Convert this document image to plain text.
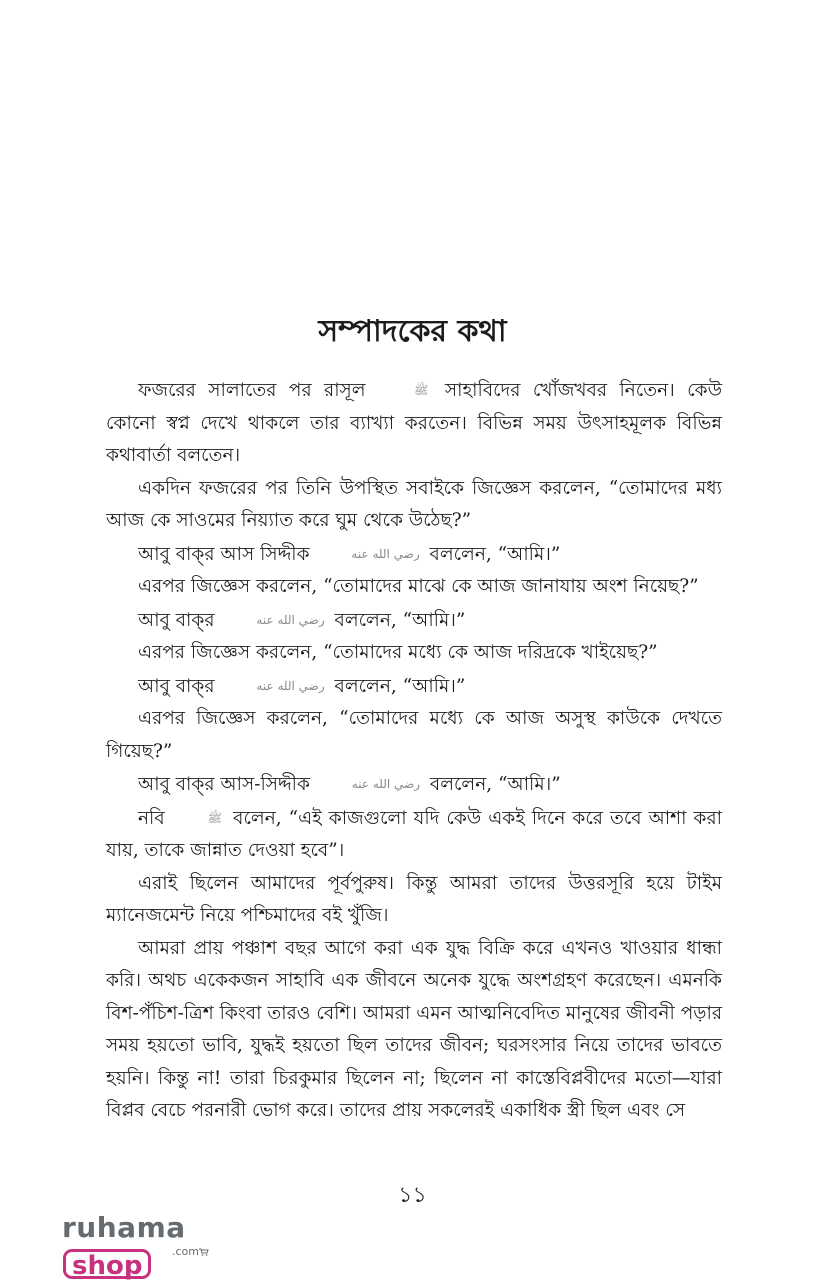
সম্পাদকের কথা

ফজরের সালাতের পর রাসূল	ﷺ সাহাবিদের খোঁজখবর নিতেন। কেউ কোনো স্বপ্ন দেখে থাকলে তার ব্যাখ্যা করতেন। বিভিন্ন সময় উৎসাহমূলক বিভিন্ন কথাবার্তা বলতেন।

একদিন ফজরের পর তিনি উপস্থিত সবাইকে জিজ্ঞেস করলেন, “তোমাদের মধ্য আজ কে সাওমের নিয়্যাত করে ঘুম থেকে উঠেছ?”

আবু বাক্‌র আস সিদ্দীক	رضي الله عنه বললেন, “আমি।”

এরপর জিজ্ঞেস করলেন, “তোমাদের মাঝে কে আজ জানাযায় অংশ নিয়েছ?”

আবু বাক্‌র	رضي الله عنه বললেন, “আমি।”

এরপর জিজ্ঞেস করলেন, “তোমাদের মধ্যে কে আজ দরিদ্রকে খাইয়েছ?”

আবু বাক্‌র	رضي الله عنه বললেন, “আমি।”

এরপর জিজ্ঞেস করলেন, “তোমাদের মধ্যে কে আজ অসুস্থ কাউকে দেখতে গিয়েছ?”

আবু বাক্‌র আস-সিদ্দীক	رضي الله عنه বললেন, “আমি।”

নবি	ﷺ বলেন, “এই কাজগুলো যদি কেউ একই দিনে করে তবে আশা করা যায়, তাকে জান্নাত দেওয়া হবে”।

এরাই ছিলেন আমাদের পূর্বপুরুষ। কিন্তু আমরা তাদের উত্তরসূরি হয়ে টাইম ম্যানেজমেন্ট নিয়ে পশ্চিমাদের বই খুঁজি।

আমরা প্রায় পঞ্চাশ বছর আগে করা এক যুদ্ধ বিক্রি করে এখনও খাওয়ার ধান্ধা করি। অথচ একেকজন সাহাবি এক জীবনে অনেক যুদ্ধে অংশগ্রহণ করেছেন। এমনকি বিশ-পঁচিশ-ত্রিশ কিংবা তারও বেশি। আমরা এমন আত্মনিবেদিত মানুষের জীবনী পড়ার সময় হয়তো ভাবি, যুদ্ধই হয়তো ছিল তাদের জীবন; ঘরসংসার নিয়ে তাদের ভাবতে হয়নি। কিন্তু না! তারা চিরকুমার ছিলেন না; ছিলেন না কাস্তেবিপ্লবীদের মতো—যারা বিপ্লব বেচে পরনারী ভোগ করে। তাদের প্রায় সকলেরই একাধিক স্ত্রী ছিল এবং সে

১১
ruhamashop	.com
